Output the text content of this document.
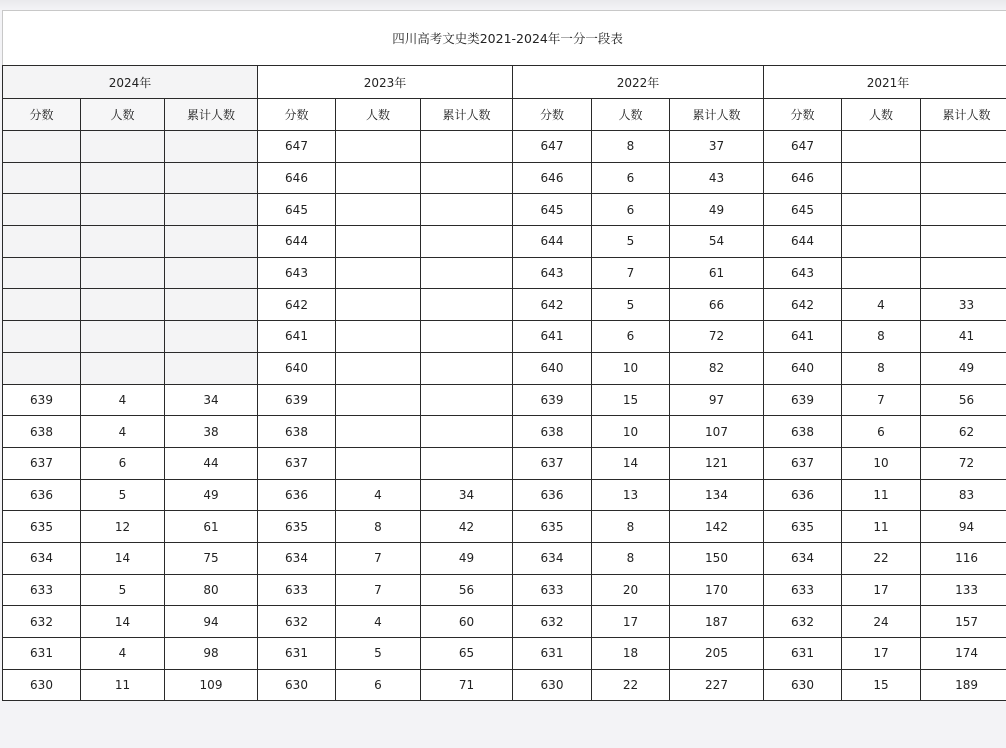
四川高考文史类2021-2024年一分一段表											
2024年			2023年			2022年			2021年		
分数	人数	累计人数	分数	人数	累计人数	分数	人数	累计人数	分数	人数	累计人数
			647			647	8	37	647		
			646			646	6	43	646		
			645			645	6	49	645		
			644			644	5	54	644		
			643			643	7	61	643		
			642			642	5	66	642	4	33
			641			641	6	72	641	8	41
			640			640	10	82	640	8	49
639	4	34	639			639	15	97	639	7	56
638	4	38	638			638	10	107	638	6	62
637	6	44	637			637	14	121	637	10	72
636	5	49	636	4	34	636	13	134	636	11	83
635	12	61	635	8	42	635	8	142	635	11	94
634	14	75	634	7	49	634	8	150	634	22	116
633	5	80	633	7	56	633	20	170	633	17	133
632	14	94	632	4	60	632	17	187	632	24	157
631	4	98	631	5	65	631	18	205	631	17	174
630	11	109	630	6	71	630	22	227	630	15	189
